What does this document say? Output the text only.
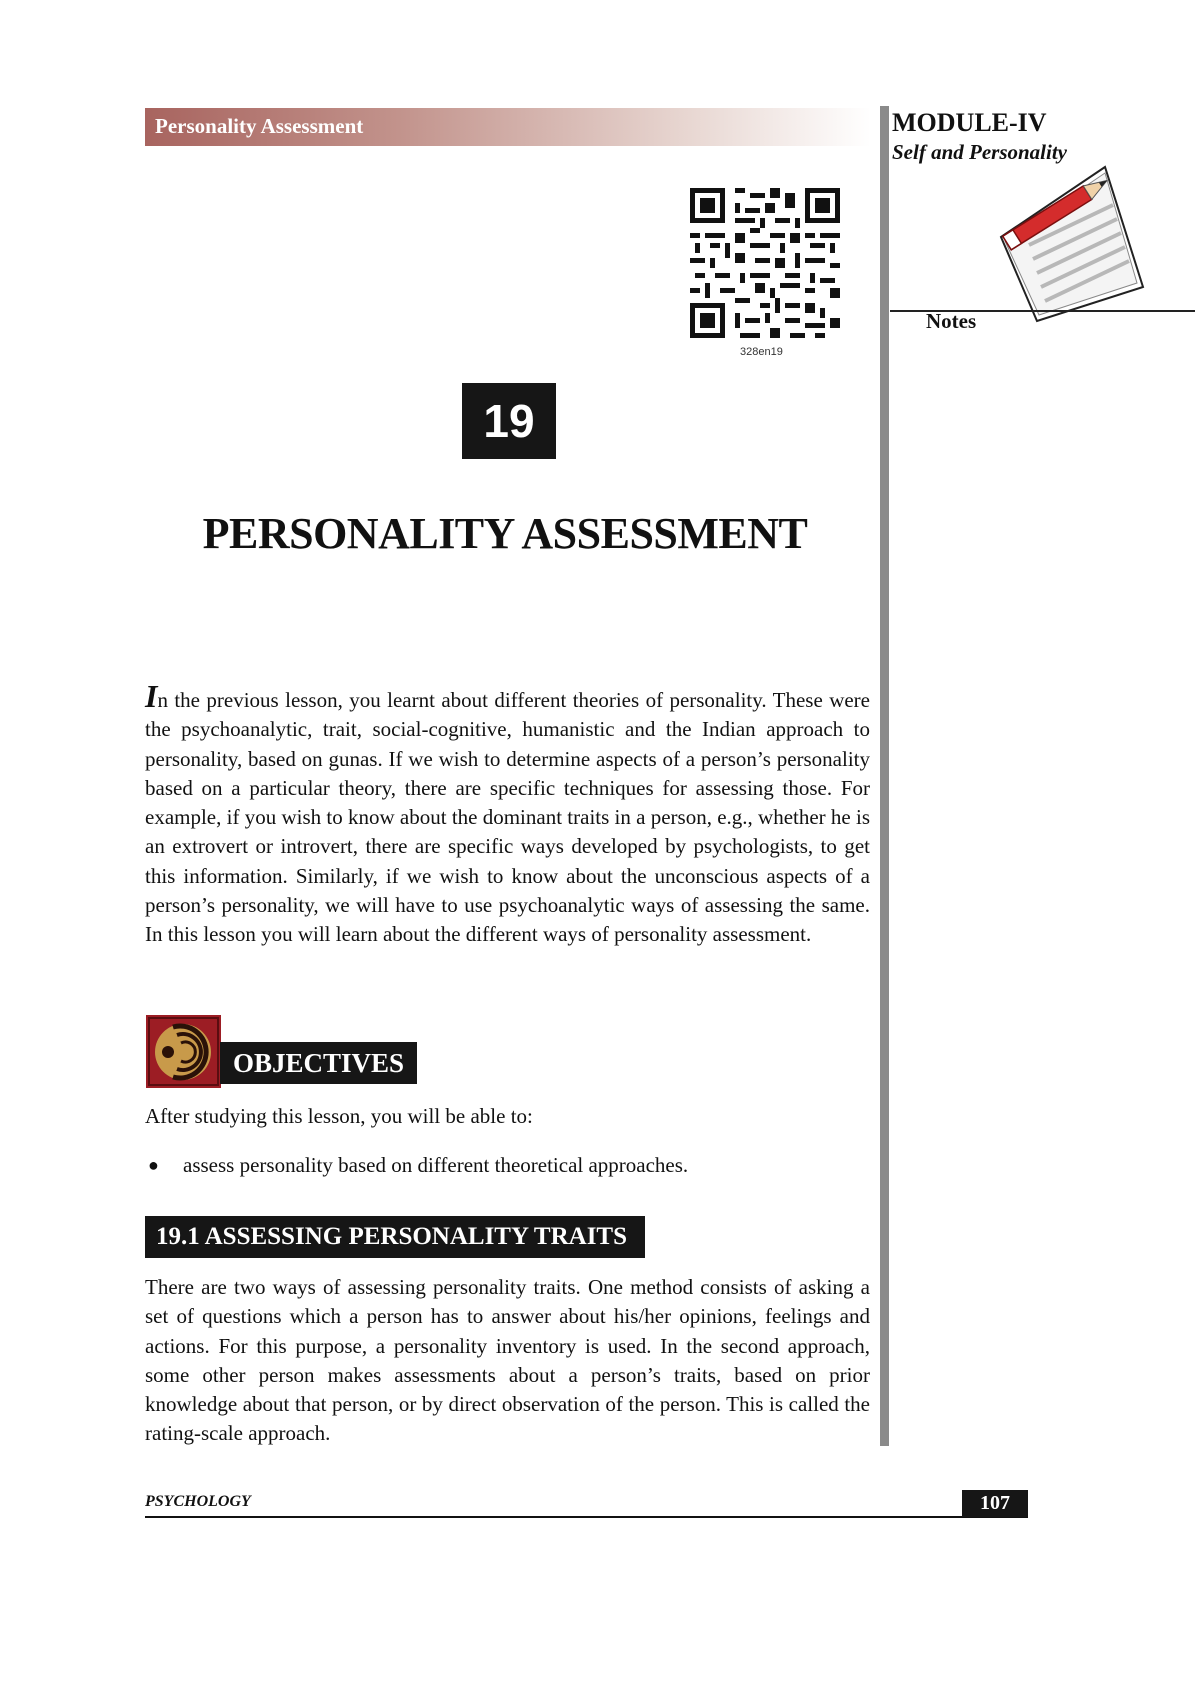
Personality Assessment	MODULE-IV
Self and Personality
Notes
328en19
19
PERSONALITY ASSESSMENT

In the previous lesson, you learnt about different theories of personality. These were the psychoanalytic, trait, social-cognitive, humanistic and the Indian approach to personality, based on gunas. If we wish to determine aspects of a person’s personality based on a particular theory, there are specific techniques for assessing those. For example, if you wish to know about the dominant traits in a person, e.g., whether he is an extrovert or introvert, there are specific ways developed by psychologists, to get this information. Similarly, if we wish to know about the unconscious aspects of a person’s personality, we will have to use psychoanalytic ways of assessing the same. In this lesson you will learn about the different ways of personality assessment.

OBJECTIVES
After studying this lesson, you will be able to:
● assess personality based on different theoretical approaches.
19.1 ASSESSING PERSONALITY TRAITS

There are two ways of assessing personality traits. One method consists of asking a set of questions which a person has to answer about his/her opinions, feelings and actions. For this purpose, a personality inventory is used. In the second approach, some other person makes assessments about a person’s traits, based on prior knowledge about that person, or by direct observation of the person. This is called the rating-scale approach.

PSYCHOLOGY	107
